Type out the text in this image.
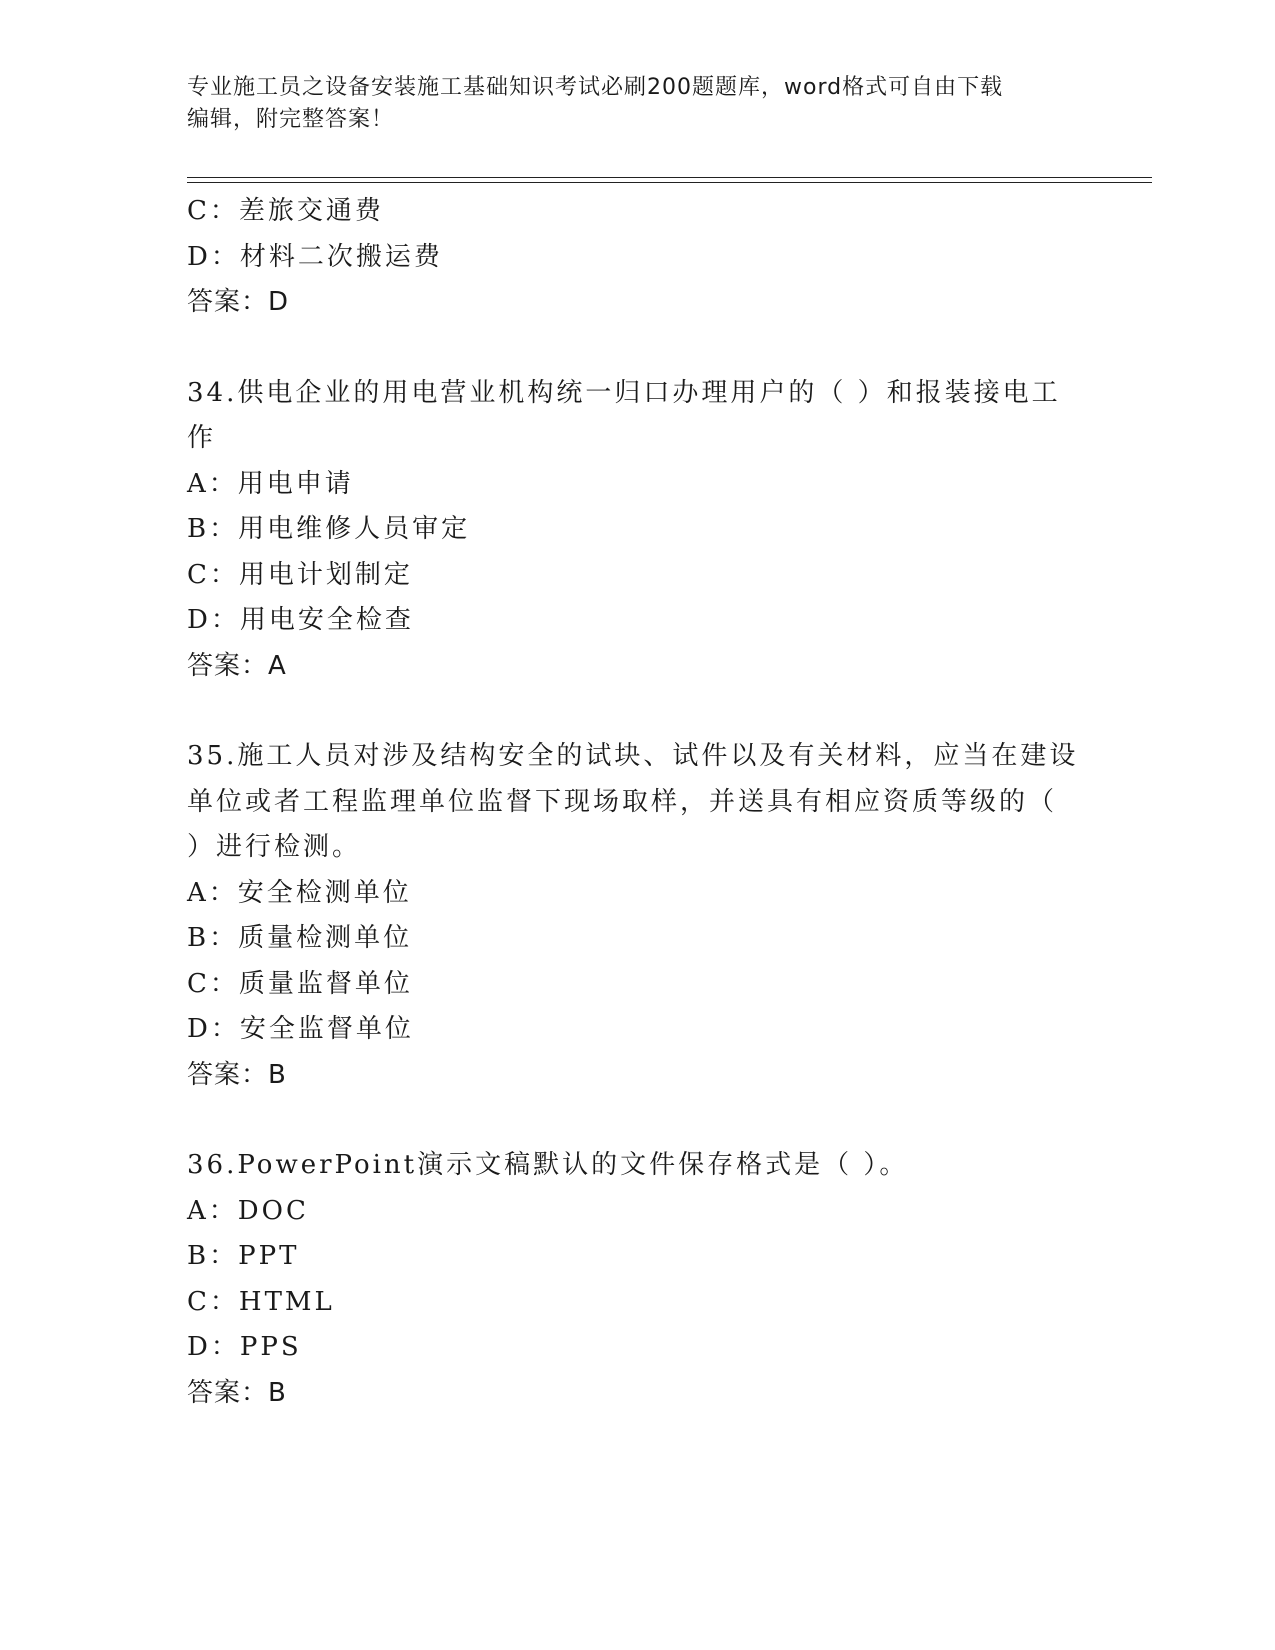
专业施工员之设备安装施工基础知识考试必刷200题题库，word格式可自由下载
编辑，附完整答案！
C：差旅交通费
D：材料二次搬运费
答案：D
34.供电企业的用电营业机构统一归口办理用户的（ ）和报装接电工
作
A：用电申请
B：用电维修人员审定
C：用电计划制定
D：用电安全检查
答案：A
35.施工人员对涉及结构安全的试块、试件以及有关材料，应当在建设
单位或者工程监理单位监督下现场取样，并送具有相应资质等级的（
）进行检测。
A：安全检测单位
B：质量检测单位
C：质量监督单位
D：安全监督单位
答案：B
36.PowerPoint演示文稿默认的文件保存格式是（ ）。
A：DOC
B：PPT
C：HTML
D：PPS
答案：B
